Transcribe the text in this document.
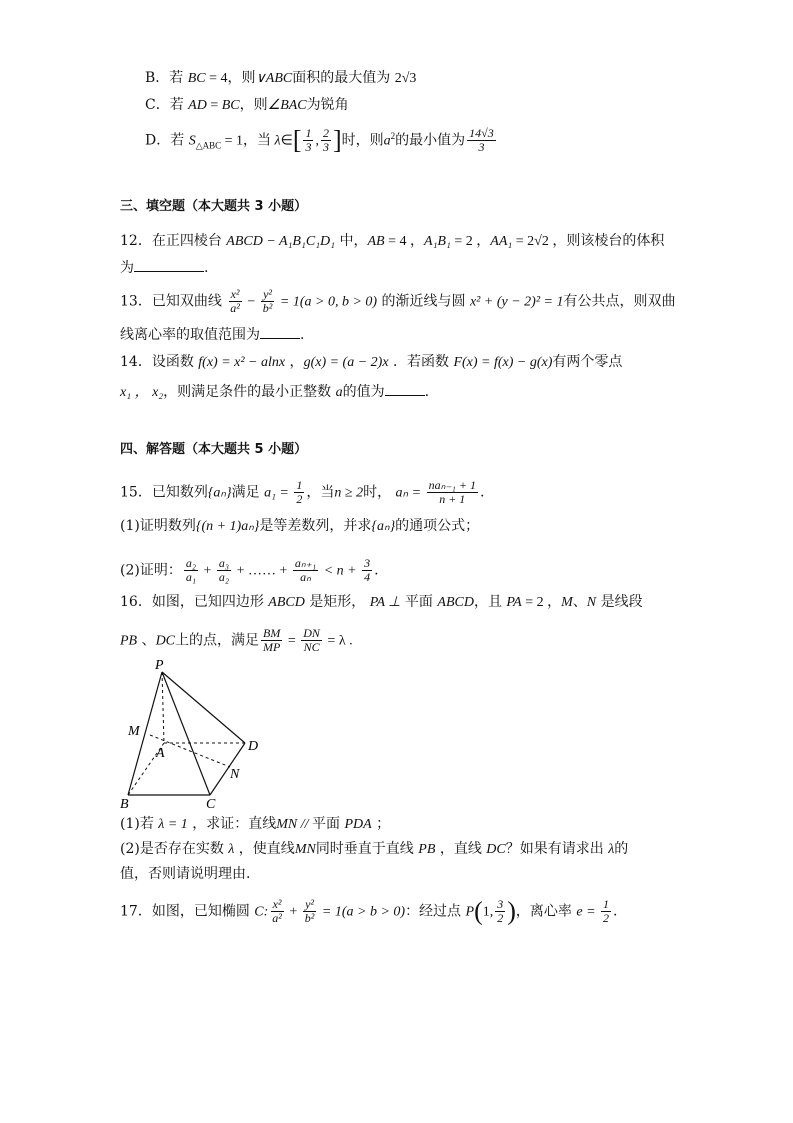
B．若 BC = 4，则∨ABC面积的最大值为 2√3
C．若 AD = BC，则∠BAC为锐角
D．若 $S_{\triangle ABC} = 1$，当 λ∈[ $\frac{1}{3}$ , $\frac{2}{3}$ ]时，则$a^2$的最小值为 $\frac{14√3}{3}$
三、填空题（本大题共 3 小题）
12．在正四棱台 ABCD − A₁B₁C₁D₁ 中，AB = 4 ，A₁B₁ = 2 ，AA₁ = 2√2 ，则该棱台的体积
为	.
13．已知双曲线 $\frac{\text{x²}}{\text{a²}} - \frac{\text{y²}}{\text{b²}} = 1(a > 0$, b > 0) 的渐近线与圆 x² + (y − 2)² = 1有公共点，则双曲
线离心率的取值范围为	.
14．设函数 f(x) = x² − alnx ，g(x) = (a − 2)x ．若函数 F(x) = f(x) − g(x)有两个零点
x₁ ， x₂，则满足条件的最小正整数 a的值为	.
四、解答题（本大题共 5 小题）
15．已知数列{aₙ}满足 $a_1 = \frac{1}{2}$ ，当n ≥ 2时， $a_n = \frac{\text{naₙ₋₁ + 1}}{n + 1}$ .
(1)证明数列{(n + 1)aₙ}是等差数列，并求{aₙ}的通项公式；
(2)证明： $\frac{\text{a₂}}{\text{a₁}} + \frac{\text{a₃}}{\text{a₂}}$ + …… + $\frac{\text{aₙ₊₁}}{\text{aₙ}} < n + \frac{3}{4}$ .
16．如图，已知四边形 ABCD 是矩形， PA ⊥ 平面 ABCD，且 PA = 2 ，M、N 是线段
PB 、DC上的点，满足 $\frac{BM}{MP} = \frac{DN}{NC} = \lambda$ .
P
M
A	D
N
B	C
(1)若 λ = 1 ，求证：直线MN // 平面 PDA ；
(2)是否存在实数 λ ，使直线MN同时垂直于直线 PB ，直线 DC？如果有请求出 λ的
值，否则请说明理由.
17．如图，已知椭圆 C: $\frac{\text{x²}}{\text{a²}} + \frac{\text{y²}}{\text{b²}} = 1(a > b > 0)$：经过点 P(1, $\frac{3}{2}$ )，离心率 $e = \frac{1}{2}$ .
